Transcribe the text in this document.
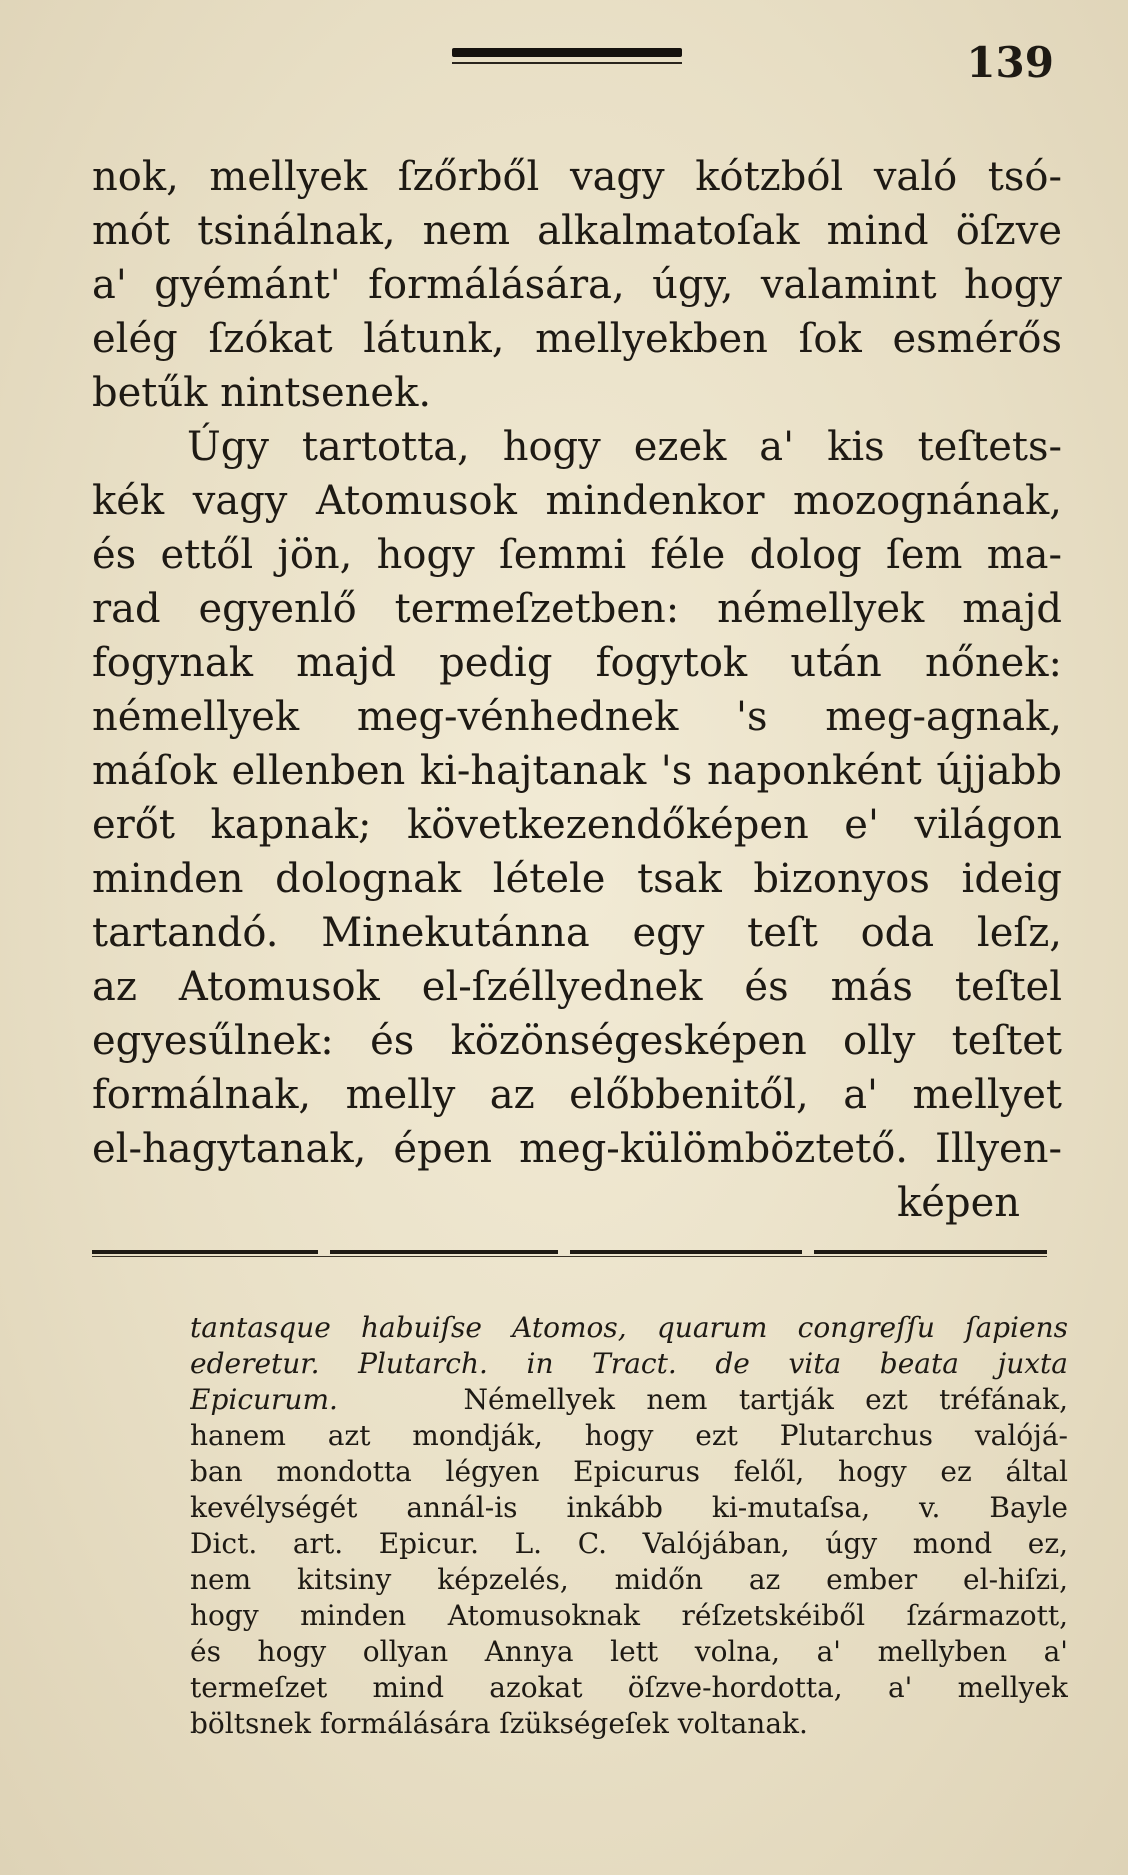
139
nok, mellyek ſzőrből vagy kótzból való tsó-
mót tsinálnak, nem alkalmatoſak mind öſzve
a' gyémánt' formálására, úgy, valamint hogy
elég ſzókat látunk, mellyekben ſok esmérős
betűk nintsenek.
Úgy tartotta, hogy ezek a' kis teſtets-
kék vagy Atomusok mindenkor mozognának,
és ettől jön, hogy ſemmi féle dolog ſem ma-
rad egyenlő termeſzetben: némellyek majd
fogynak majd pedig fogytok után nőnek:
némellyek meg-vénhednek 's meg-agnak,
máſok ellenben ki-hajtanak 's naponként újjabb
erőt kapnak; következendőképen e' világon
minden dolognak létele tsak bizonyos ideig
tartandó. Minekutánna egy teſt oda leſz,
az Atomusok el-ſzéllyednek és más teſtel
egyesűlnek: és közönségesképen olly teſtet
formálnak, melly az előbbenitől, a' mellyet
el-hagytanak, épen meg-külömböztető. Illyen-
képen
tantasque habuiſse Atomos, quarum congreſſu ſapiens
ederetur. Plutarch. in Tract. de vita beata juxta
Epicurum.	Némellyek nem tartják ezt tréfának,
hanem azt mondják, hogy ezt Plutarchus valójá-
ban mondotta légyen Epicurus felől, hogy ez által
kevélységét annál-is inkább ki-mutaſsa, v. Bayle
Dict. art. Epicur. L. C. Valójában, úgy mond ez,
nem kitsiny képzelés, midőn az ember el-hiſzi,
hogy minden Atomusoknak réſzetskéiből ſzármazott,
és hogy ollyan Annya lett volna, a' mellyben a'
termeſzet mind azokat öſzve-hordotta, a' mellyek
böltsnek formálására ſzükségeſek voltanak.
